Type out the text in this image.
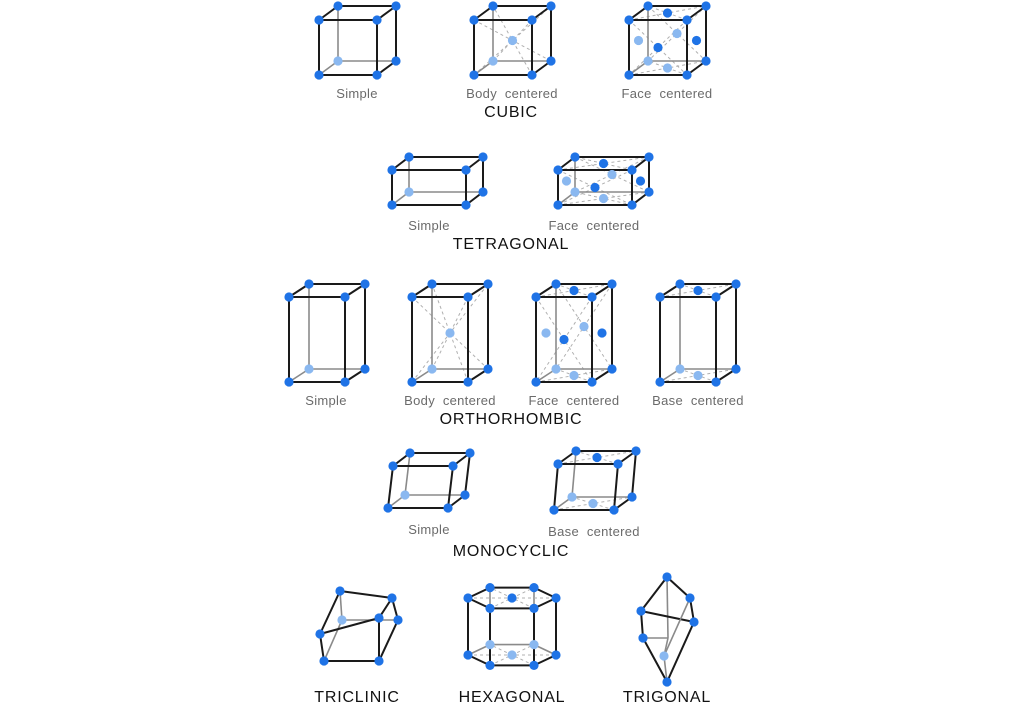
Simple	Body  centered	Face  centered
CUBIC
Simple	Face  centered
TETRAGONAL
Simple	Body  centered	Face  centered	Base  centered
ORTHORHOMBIC
Simple	Base  centered
MONOCYCLIC
TRICLINIC	HEXAGONAL	TRIGONAL
